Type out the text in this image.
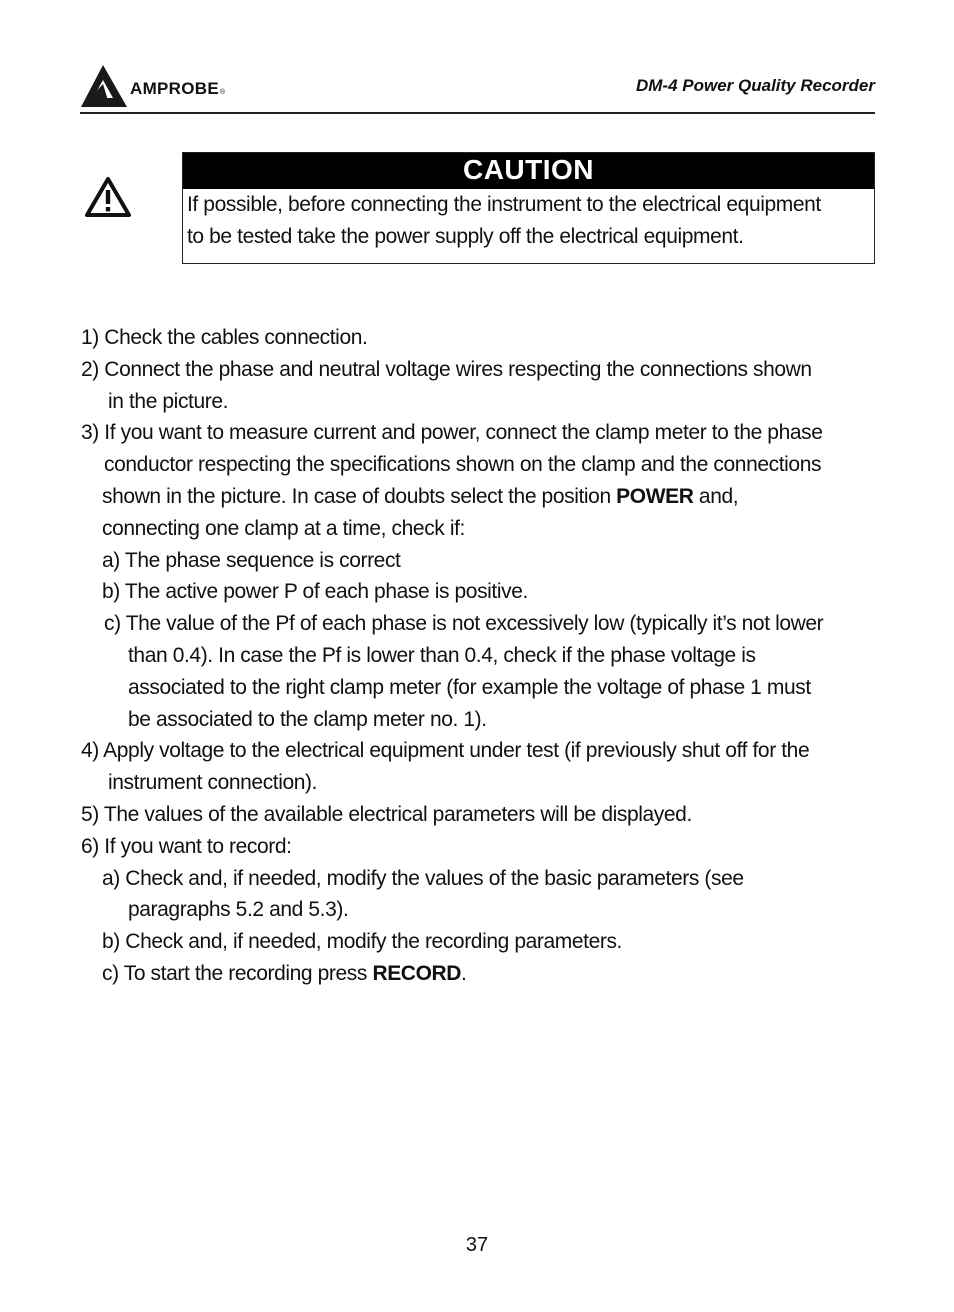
AMPROBE®	DM-4 Power Quality Recorder
CAUTION
If possible, before connecting the instrument to the electrical equipment
to be tested take the power supply off the electrical equipment.
1) Check the cables connection.
2) Connect the phase and neutral voltage wires respecting the connections shown
in the picture.
3) If you want to measure current and power, connect the clamp meter to the phase
conductor respecting the specifications shown on the clamp and the connections
shown in the picture. In case of doubts select the position POWER and,
connecting one clamp at a time, check if:
a) The phase sequence is correct
b) The active power P of each phase is positive.
c) The value of the Pf of each phase is not excessively low (typically it’s not lower
than 0.4). In case the Pf is lower than 0.4, check if the phase voltage is
associated to the right clamp meter (for example the voltage of phase 1 must
be associated to the clamp meter no. 1).
4) Apply voltage to the electrical equipment under test (if previously shut off for the
instrument connection).
5) The values of the available electrical parameters will be displayed.
6) If you want to record:
a) Check and, if needed, modify the values of the basic parameters (see
paragraphs 5.2 and 5.3).
b) Check and, if needed, modify the recording parameters.
c) To start the recording press RECORD.
37
